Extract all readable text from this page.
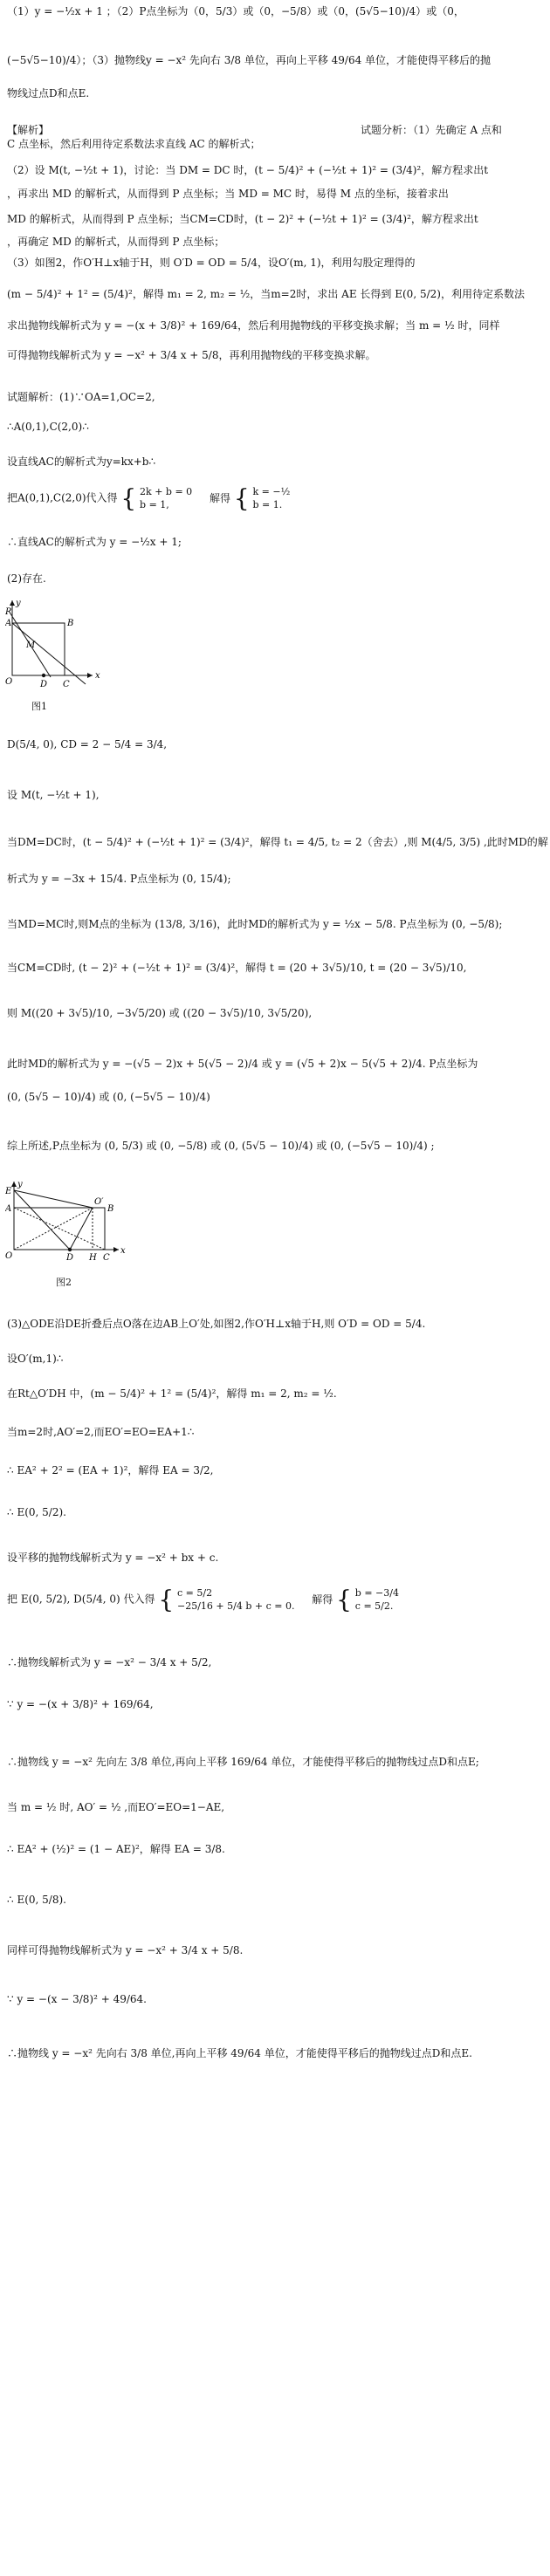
（1）y = −½x + 1 ；（2）P点坐标为（0，5/3）或（0，−5/8）或（0，(5√5−10)/4）或（0，
(−5√5−10)/4）；（3）抛物线y = −x² 先向右 3/8 单位，再向上平移 49/64 单位，才能使得平移后的抛
物线过点D和点E.
【解析】	试题分析：（1）先确定 A 点和
C 点坐标，然后利用待定系数法求直线 AC 的解析式；
（2）设 M(t, −½t + 1)，讨论：当 DM = DC 时，(t − 5/4)² + (−½t + 1)² = (3/4)²，解方程求出t
，再求出 MD 的解析式，从而得到 P 点坐标；当 MD = MC 时，易得 M 点的坐标，接着求出
MD 的解析式，从而得到 P 点坐标；当CM=CD时，(t − 2)² + (−½t + 1)² = (3/4)²，解方程求出t
，再确定 MD 的解析式，从而得到 P 点坐标；
（3）如图2，作O′H⊥x轴于H，则 O′D = OD = 5/4，设O′(m, 1)，利用勾股定理得的
(m − 5/4)² + 1² = (5/4)²，解得 m₁ = 2, m₂ = ½，当m=2时，求出 AE 长得到 E(0, 5/2)，利用待定系数法
求出抛物线解析式为 y = −(x + 3/8)² + 169/64，然后利用抛物线的平移变换求解；当 m = ½ 时，同样
可得抛物线解析式为 y = −x² + 3/4 x + 5/8，再利用抛物线的平移变换求解。
试题解析：(1)∵OA=1,OC=2,
∴A(0,1),C(2,0)∴
设直线AC的解析式为y=kx+b∴
把A(0,1),C(2,0)代入得 { 2k + b = 0
b = 1,
解得 { k = −½
b = 1.
∴直线AC的解析式为 y = −½x + 1;
(2)存在.
y
x
P
A	B
M
O	D C
图1
D(5/4, 0), CD = 2 − 5/4 = 3/4,
设 M(t, −½t + 1),
当DM=DC时，(t − 5/4)² + (−½t + 1)² = (3/4)²，解得 t₁ = 4/5, t₂ = 2（舍去）,则 M(4/5, 3/5) ,此时MD的解
析式为 y = −3x + 15/4. P点坐标为 (0, 15/4);
当MD=MC时,则M点的坐标为 (13/8, 3/16)，此时MD的解析式为 y = ½x − 5/8. P点坐标为 (0, −5/8);
当CM=CD时, (t − 2)² + (−½t + 1)² = (3/4)²，解得 t = (20 + 3√5)/10, t = (20 − 3√5)/10,
则 M((20 + 3√5)/10, −3√5/20) 或 ((20 − 3√5)/10, 3√5/20),
此时MD的解析式为 y = −(√5 − 2)x + 5(√5 − 2)/4 或 y = (√5 + 2)x − 5(√5 + 2)/4. P点坐标为
(0, (5√5 − 10)/4) 或 (0, (−5√5 − 10)/4)
综上所述,P点坐标为 (0, 5/3) 或 (0, −5/8) 或 (0, (5√5 − 10)/4) 或 (0, (−5√5 − 10)/4) ;
y
E
O′
A	B
x
O	D H C
图2
(3)△ODE沿DE折叠后点O落在边AB上O′处,如图2,作O′H⊥x轴于H,则 O′D = OD = 5/4.
设O′(m,1)∴
在Rt△O′DH 中，(m − 5/4)² + 1² = (5/4)²，解得 m₁ = 2, m₂ = ½.
当m=2时,AO′=2,而EO′=EO=EA+1∴
∴ EA² + 2² = (EA + 1)²，解得 EA = 3/2,
∴ E(0, 5/2).
设平移的抛物线解析式为 y = −x² + bx + c.
把 E(0, 5/2), D(5/4, 0) 代入得 { c = 5/2
−25/16 + 5/4 b + c = 0.
解得 { b = −3/4
c = 5/2.
∴抛物线解析式为 y = −x² − 3/4 x + 5/2,
∵ y = −(x + 3/8)² + 169/64,
∴抛物线 y = −x² 先向左 3/8 单位,再向上平移 169/64 单位，才能使得平移后的抛物线过点D和点E;
当 m = ½ 时, AO′ = ½ ,而EO′=EO=1−AE,
∴ EA² + (½)² = (1 − AE)²，解得 EA = 3/8.
∴ E(0, 5/8).
同样可得抛物线解析式为 y = −x² + 3/4 x + 5/8.
∵ y = −(x − 3/8)² + 49/64.
∴抛物线 y = −x² 先向右 3/8 单位,再向上平移 49/64 单位，才能使得平移后的抛物线过点D和点E.
